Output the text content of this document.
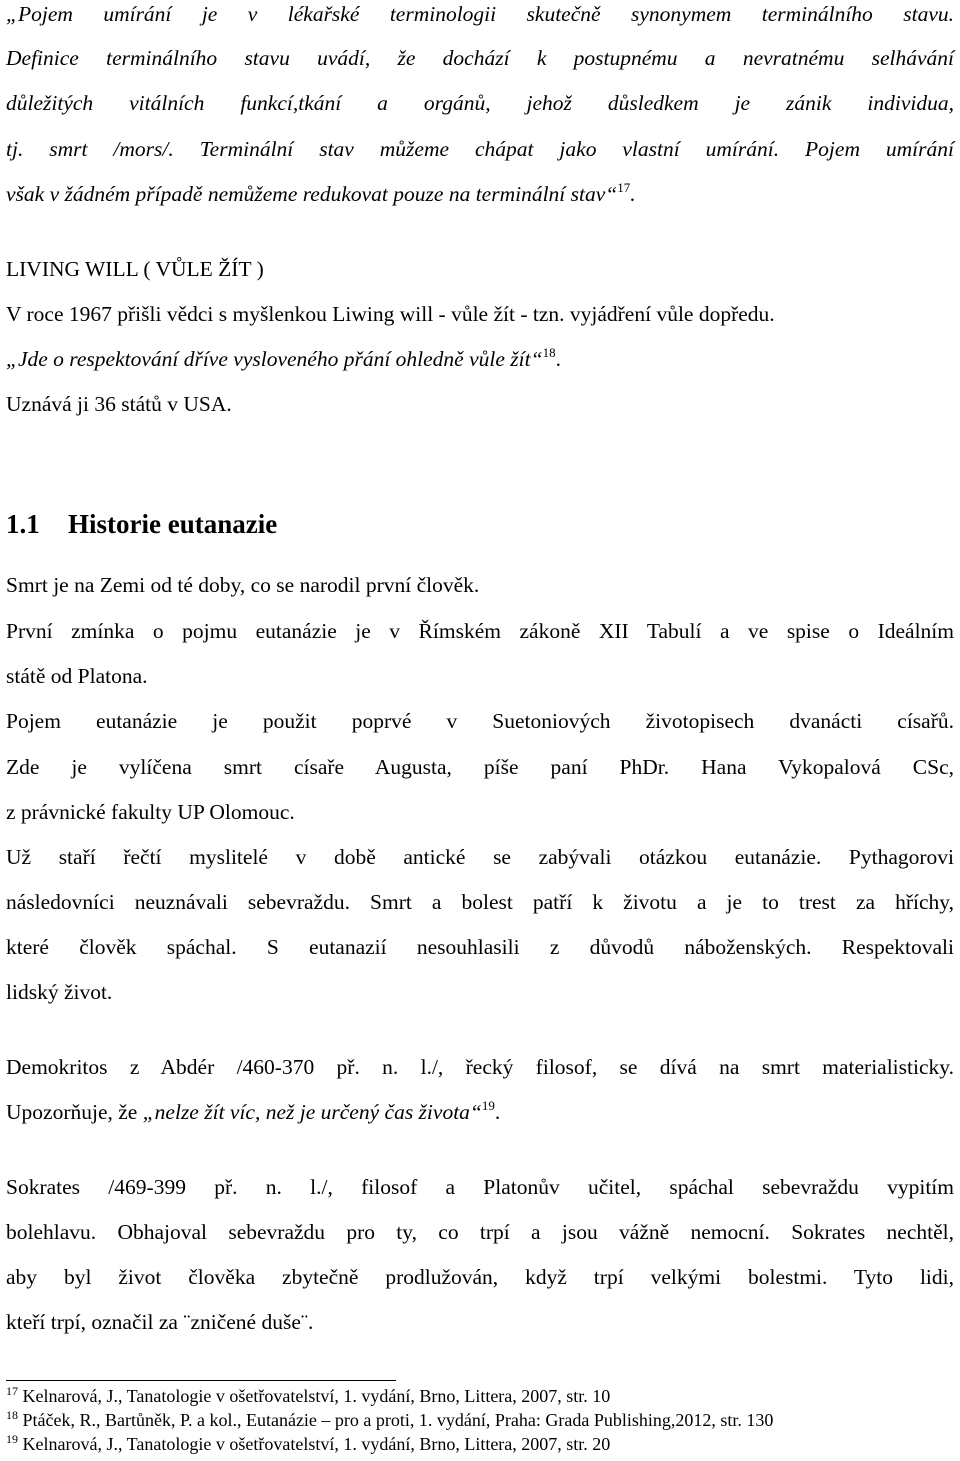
„Pojem umírání je v lékařské terminologii skutečně synonymem terminálního stavu.
Definice terminálního stavu uvádí, že dochází k postupnému a nevratnému selhávání
důležitých vitálních funkcí,tkání a orgánů, jehož důsledkem je zánik individua,
tj. smrt /mors/. Terminální stav můžeme chápat jako vlastní umírání. Pojem umírání
však v žádném případě nemůžeme redukovat pouze na terminální stav“$^{17}$.
LIVING WILL ( VŮLE ŽÍT )
V roce 1967 přišli vědci s myšlenkou Liwing will - vůle žít - tzn. vyjádření vůle dopředu.
„Jde o respektování dříve vysloveného přání ohledně vůle žít“$^{18}$.
Uznává ji 36 států v USA.
1.1 Historie eutanazie
Smrt je na Zemi od té doby, co se narodil první člověk.
První zmínka o pojmu eutanázie je v Římském zákoně XII Tabulí a ve spise o Ideálním
státě od Platona.
Pojem eutanázie je použit poprvé v Suetoniových životopisech dvanácti císařů.
Zde je vylíčena smrt císaře Augusta, píše paní PhDr. Hana Vykopalová CSc,
z právnické fakulty UP Olomouc.
Už staří řečtí myslitelé v době antické se zabývali otázkou eutanázie. Pythagorovi
následovníci neuznávali sebevraždu. Smrt a bolest patří k životu a je to trest za hříchy,
které člověk spáchal. S eutanazií nesouhlasili z důvodů náboženských. Respektovali
lidský život.
Demokritos z Abdér /460-370 př. n. l./, řecký filosof, se dívá na smrt materialisticky.
Upozorňuje, že „nelze žít víc, než je určený čas života“$^{19}$.
Sokrates /469-399 př. n. l./, filosof a Platonův učitel, spáchal sebevraždu vypitím
bolehlavu. Obhajoval sebevraždu pro ty, co trpí a jsou vážně nemocní. Sokrates nechtěl,
aby byl život člověka zbytečně prodlužován, když trpí velkými bolestmi. Tyto lidi,
kteří trpí, označil za ¨zničené duše¨.
$^{17}$ Kelnarová, J., Tanatologie v ošetřovatelství, 1. vydání, Brno, Littera, 2007, str. 10
$^{18}$ Ptáček, R., Bartůněk, P. a kol., Eutanázie – pro a proti, 1. vydání, Praha: Grada Publishing,2012, str. 130
$^{19}$ Kelnarová, J., Tanatologie v ošetřovatelství, 1. vydání, Brno, Littera, 2007, str. 20
